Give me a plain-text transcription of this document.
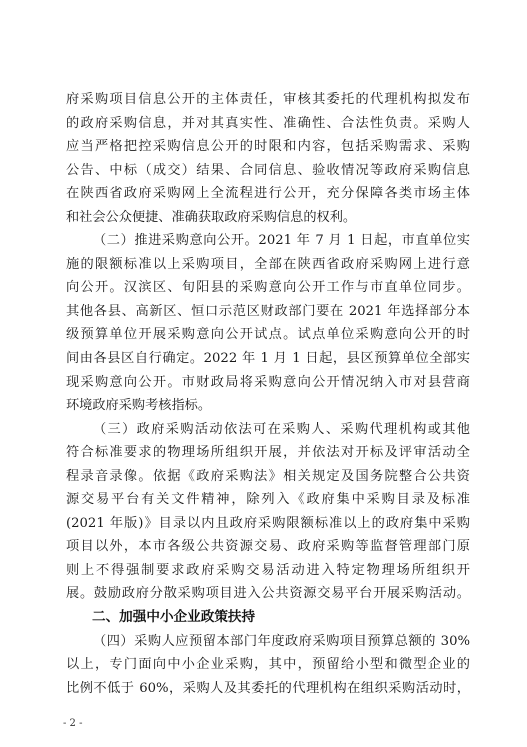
府采购项目信息公开的主体责任，审核其委托的代理机构拟发布
的政府采购信息，并对其真实性、准确性、合法性负责。采购人
应当严格把控采购信息公开的时限和内容，包括采购需求、采购
公告、中标（成交）结果、合同信息、验收情况等政府采购信息
在陕西省政府采购网上全流程进行公开，充分保障各类市场主体
和社会公众便捷、准确获取政府采购信息的权利。
（二）推进采购意向公开。2021 年 7 月 1 日起，市直单位实
施的限额标准以上采购项目，全部在陕西省政府采购网上进行意
向公开。汉滨区、旬阳县的采购意向公开工作与市直单位同步。
其他各县、高新区、恒口示范区财政部门要在 2021 年选择部分本
级预算单位开展采购意向公开试点。试点单位采购意向公开的时
间由各县区自行确定。2022 年 1 月 1 日起，县区预算单位全部实
现采购意向公开。市财政局将采购意向公开情况纳入市对县营商
环境政府采购考核指标。
（三）政府采购活动依法可在采购人、采购代理机构或其他
符合标准要求的物理场所组织开展，并依法对开标及评审活动全
程录音录像。依据《政府采购法》相关规定及国务院整合公共资
源交易平台有关文件精神，除列入《政府集中采购目录及标准
(2021 年版)》目录以内且政府采购限额标准以上的政府集中采购
项目以外，本市各级公共资源交易、政府采购等监督管理部门原
则上不得强制要求政府采购交易活动进入特定物理场所组织开
展。鼓励政府分散采购项目进入公共资源交易平台开展采购活动。
二、加强中小企业政策扶持
（四）采购人应预留本部门年度政府采购项目预算总额的 30%
以上，专门面向中小企业采购，其中，预留给小型和微型企业的
比例不低于 60%，采购人及其委托的代理机构在组织采购活动时，
- 2 -
